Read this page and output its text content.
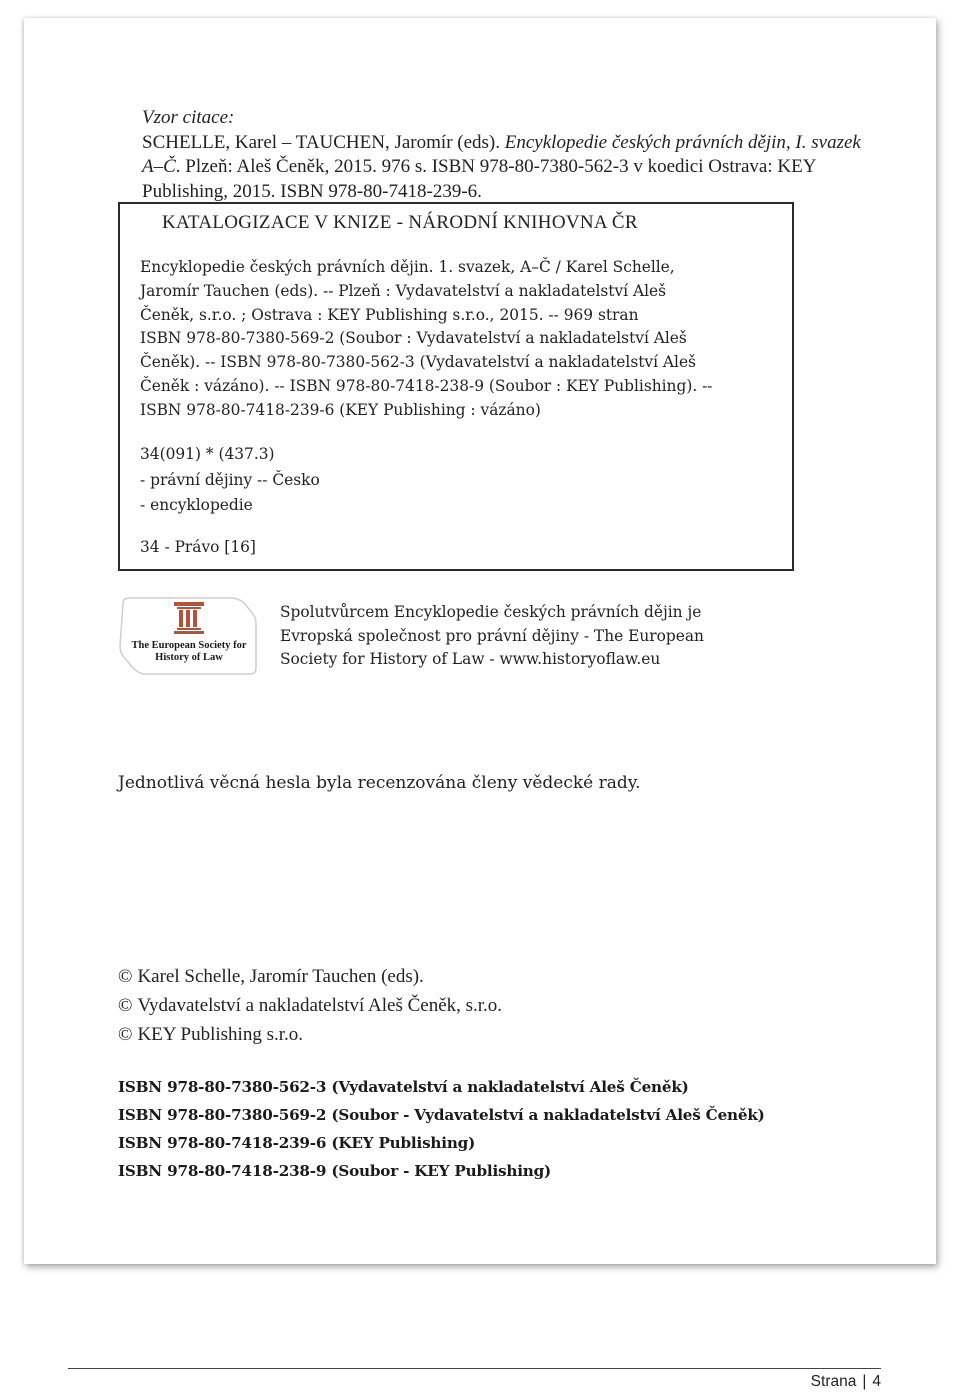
Vzor citace:
SCHELLE, Karel – TAUCHEN, Jaromír (eds). Encyklopedie českých právních dějin, I. svazek A–Č. Plzeň: Aleš Čeněk, 2015. 976 s. ISBN 978-80-7380-562-3 v koedici Ostrava: KEY Publishing, 2015. ISBN 978-80-7418-239-6.
KATALOGIZACE V KNIZE - NÁRODNÍ KNIHOVNA ČR

Encyklopedie českých právních dějin. 1. svazek, A–Č / Karel Schelle,

Jaromír Tauchen (eds). -- Plzeň : Vydavatelství a nakladatelství Aleš

Čeněk, s.r.o. ; Ostrava : KEY Publishing s.r.o., 2015. -- 969 stran

ISBN 978-80-7380-569-2 (Soubor : Vydavatelství a nakladatelství Aleš

Čeněk). -- ISBN 978-80-7380-562-3 (Vydavatelství a nakladatelství Aleš

Čeněk : vázáno). -- ISBN 978-80-7418-238-9 (Soubor : KEY Publishing). --

ISBN 978-80-7418-239-6 (KEY Publishing : vázáno)

34(091) * (437.3)

- právní dějiny -- Česko

- encyklopedie

34 - Právo [16]
The European Society for
History of Law

Spolutvůrcem Encyklopedie českých právních dějin je

Evropská společnost pro právní dějiny - The European

Society for History of Law - www.historyoflaw.eu

Jednotlivá věcná hesla byla recenzována členy vědecké rady.

© Karel Schelle, Jaromír Tauchen (eds).

© Vydavatelství a nakladatelství Aleš Čeněk, s.r.o.

© KEY Publishing s.r.o.

ISBN 978-80-7380-562-3 (Vydavatelství a nakladatelství Aleš Čeněk)

ISBN 978-80-7380-569-2 (Soubor - Vydavatelství a nakladatelství Aleš Čeněk)

ISBN 978-80-7418-239-6 (KEY Publishing)

ISBN 978-80-7418-238-9 (Soubor - KEY Publishing)

Strana | 4
